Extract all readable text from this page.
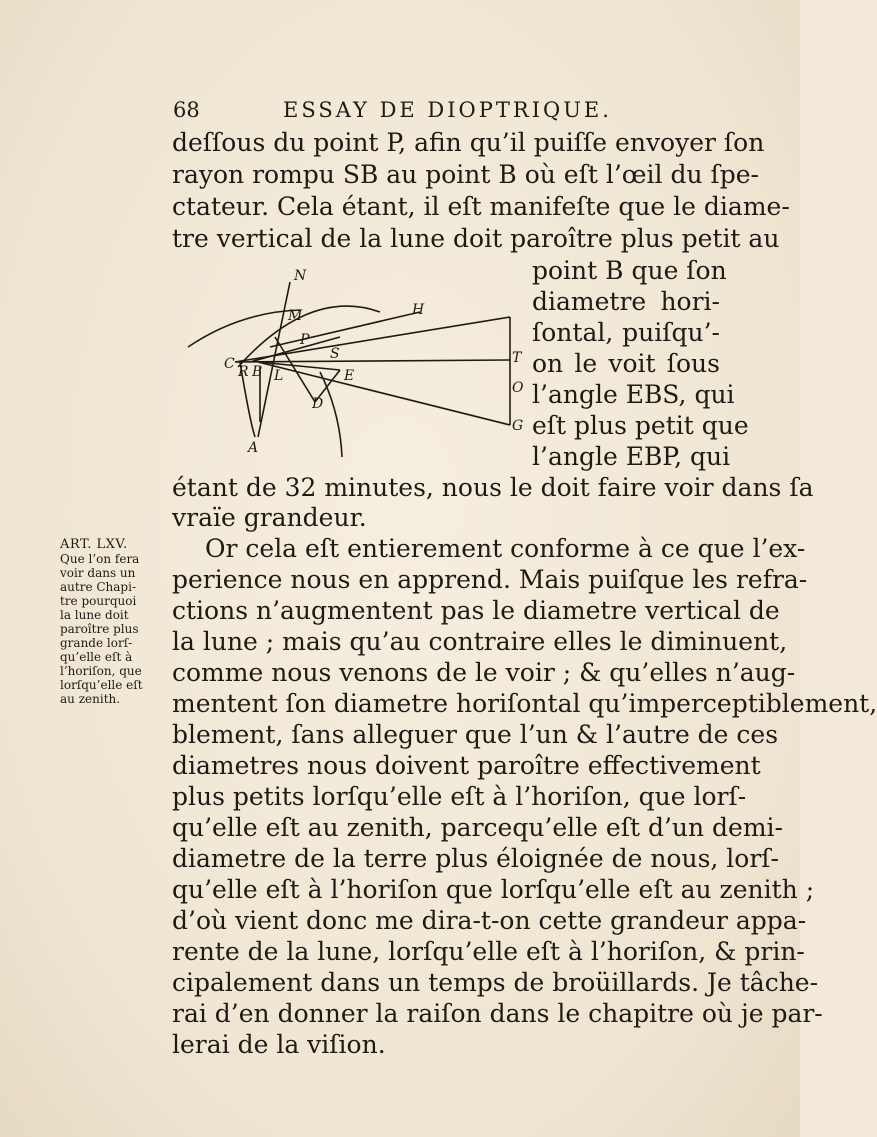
68	ESSAY DE DIOPTRIQUE.
deſſous du point P, afin qu’il puiſſe envoyer ſon
rayon rompu SB au point B où eſt l’œil du ſpe-
ctateur. Cela étant, il eſt manifeſte que le diame-
tre vertical de la lune doit paroître plus petit au
point B que ſon
diametre hori-
ſontal, puiſqu’-
on le voit ſous
l’angle EBS, qui
eſt plus petit que
l’angle EBP, qui
N
M	H
P
S
C R B L	E
D
A
T
O
G
étant de 32 minutes, nous le doit faire voir dans ſa
vraïe grandeur.
Or cela eſt entierement conforme à ce que l’ex-
perience nous en apprend. Mais puiſque les refra-
ctions n’augmentent pas le diametre vertical de
la lune ; mais qu’au contraire elles le diminuent,
comme nous venons de le voir ; & qu’elles n’aug-
mentent ſon diametre horiſontal qu’imperceptiblement,
blement, ſans alleguer que l’un & l’autre de ces
diametres nous doivent paroître effectivement
plus petits lorſqu’elle eſt à l’horiſon, que lorſ-
qu’elle eſt au zenith, parcequ’elle eſt d’un demi-
diametre de la terre plus éloignée de nous, lorſ-
qu’elle eſt à l’horiſon que lorſqu’elle eſt au zenith ;
d’où vient donc me dira-t-on cette grandeur appa-
rente de la lune, lorſqu’elle eſt à l’horiſon, & prin-
cipalement dans un temps de broüillards. Je tâche-
rai d’en donner la raiſon dans le chapitre où je par-
lerai de la viſion.
ART. LXV.
Que l’on fera
voir dans un
autre Chapi-
tre pourquoi
la lune doit
paroître plus
grande lorſ-
qu’elle eſt à
l’horiſon, que
lorſqu’elle eſt
au zenith.
